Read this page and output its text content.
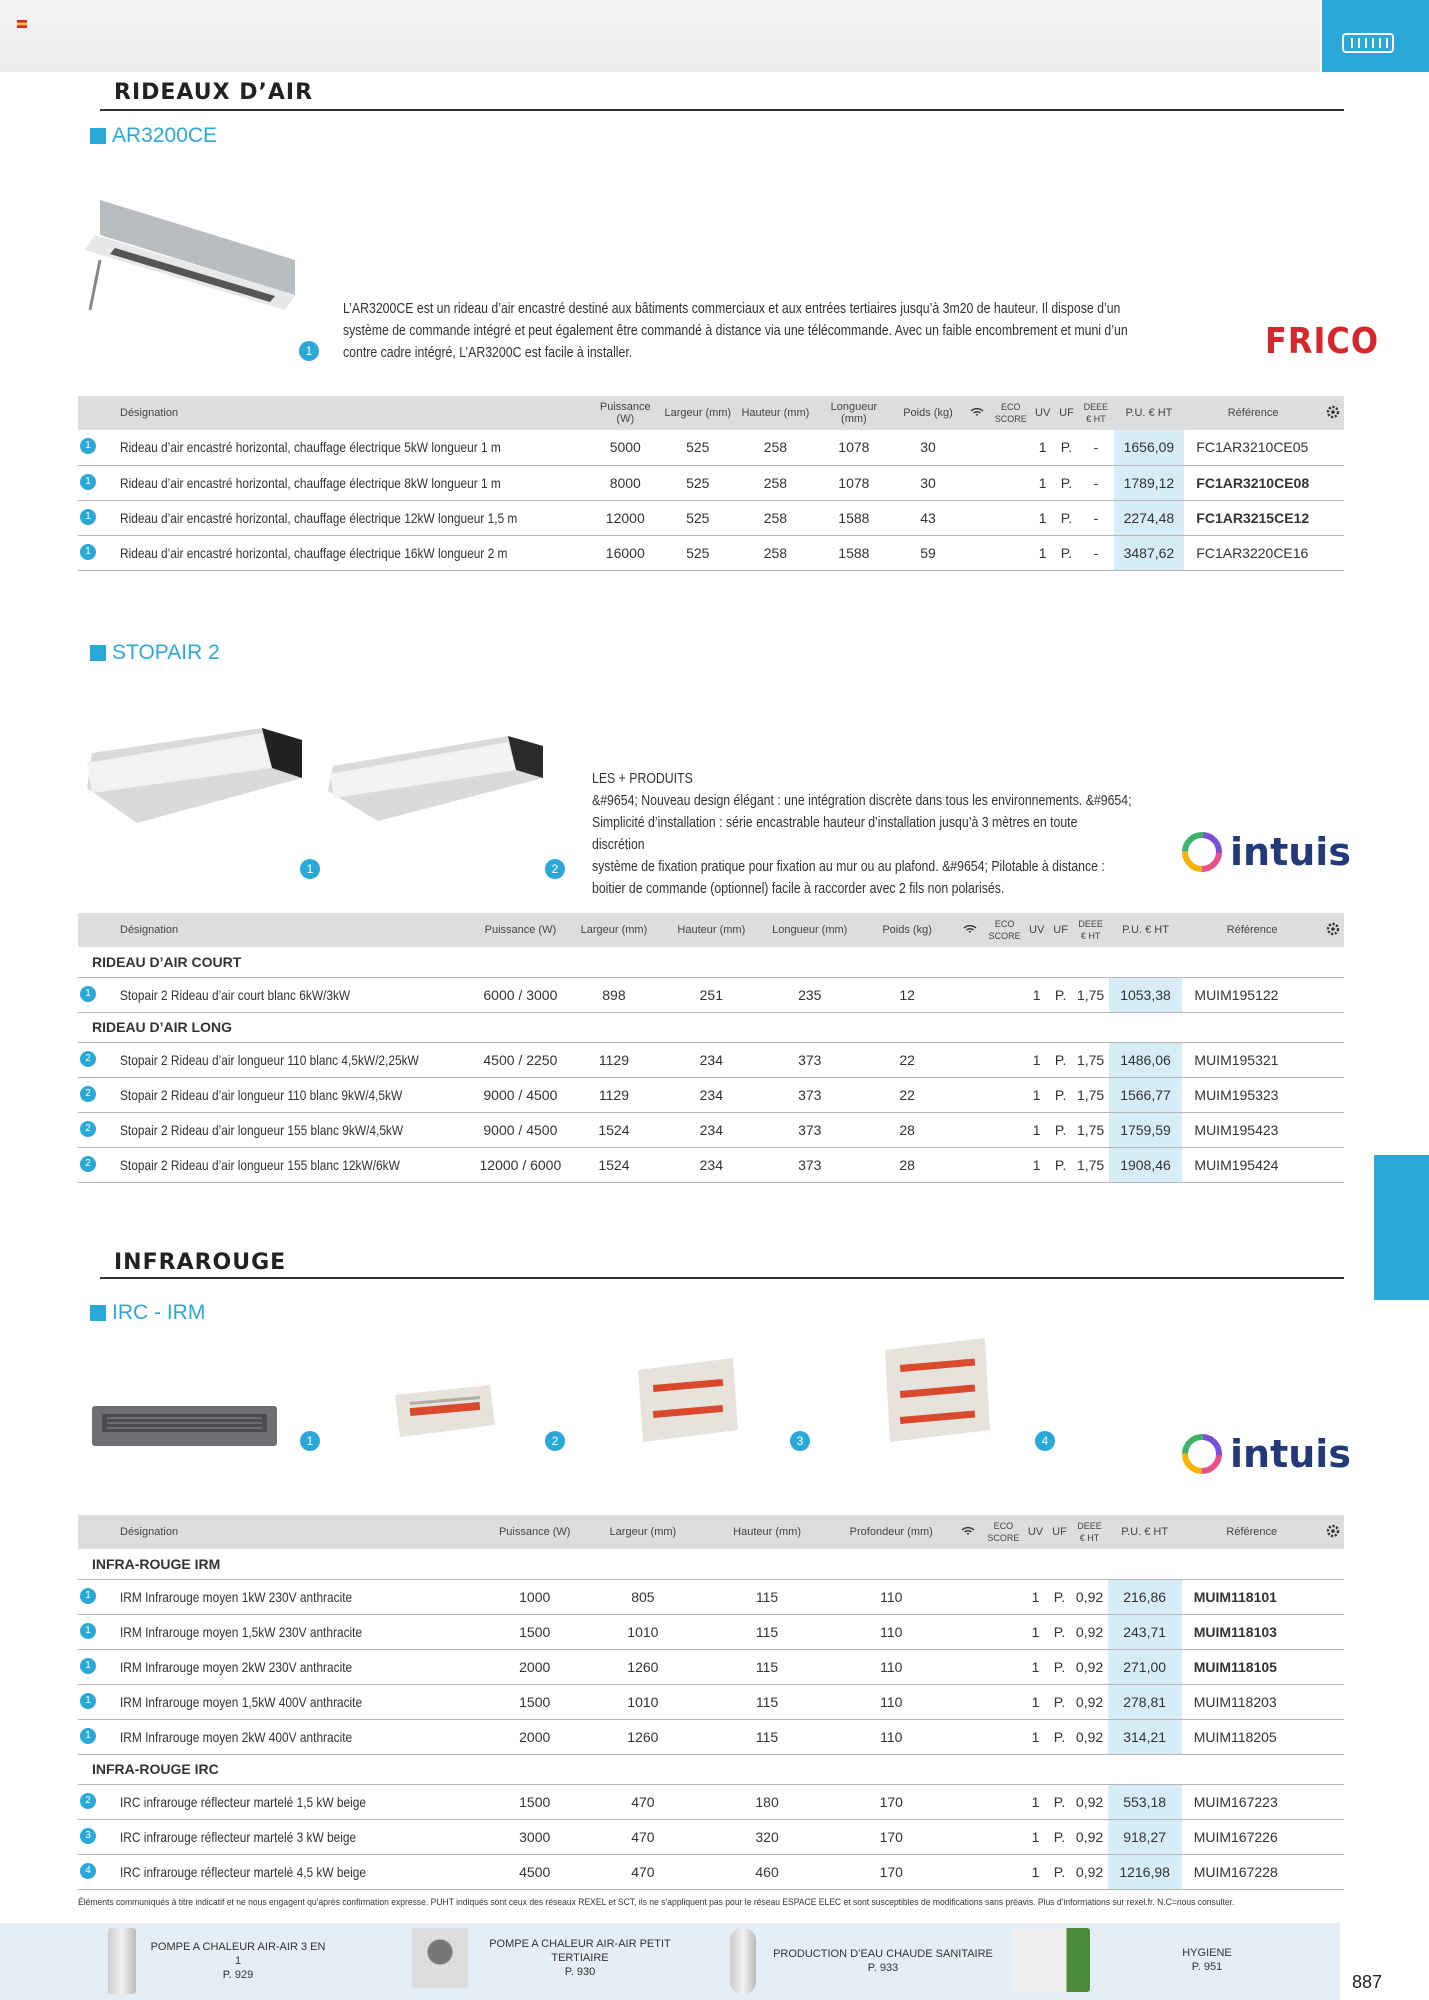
RIDEAUX D’AIR
AR3200CE
1
L’AR3200CE est un rideau d’air encastré destiné aux bâtiments commerciaux et aux entrées tertiaires jusqu’à 3m20 de hauteur. Il dispose d’un
système de commande intégré et peut également être commandé à distance via une télécommande. Avec un faible encombrement et muni d’un
contre cadre intégré, L’AR3200C est facile à installer.	FRICO
Désignation	Puissance (W)	Largeur (mm)	Hauteur (mm)	Longueur (mm)	Poids (kg)		ECO
SCORE	UV	UF	DEEE
€ HT	P.U. € HT	Référence	

1 Rideau d’air encastré horizontal, chauffage électrique 5kW longueur 1 m	5000	525	258	1078	30			1	P.	-	1656,09	FC1AR3210CE05	

1 Rideau d’air encastré horizontal, chauffage électrique 8kW longueur 1 m	8000	525	258	1078	30			1	P.	-	1789,12	FC1AR3210CE08	

1 Rideau d’air encastré horizontal, chauffage électrique 12kW longueur 1,5 m	12000	525	258	1588	43			1	P.	-	2274,48	FC1AR3215CE12	

1 Rideau d’air encastré horizontal, chauffage électrique 16kW longueur 2 m	16000	525	258	1588	59			1	P.	-	3487,62	FC1AR3220CE16	
STOPAIR 2
1	2
LES + PRODUITS
&#9654; Nouveau design élégant : une intégration discrète dans tous les environnements. &#9654;
Simplicité d’installation : série encastrable hauteur d’installation jusqu’à 3 mètres en toute discrétion
système de fixation pratique pour fixation au mur ou au plafond. &#9654; Pilotable à distance :
boitier de commande (optionnel) facile à raccorder avec 2 fils non polarisés.
intuis
Désignation	Puissance (W)	Largeur (mm)	Hauteur (mm)	Longueur (mm)	Poids (kg)		ECO
SCORE	UV	UF	DEEE
€ HT	P.U. € HT	Référence	
RIDEAU D’AIR COURT													

1 Stopair 2 Rideau d’air court blanc 6kW/3kW	6000 / 3000	898	251	235	12			1	P.	1,75	1053,38	MUIM195122	
RIDEAU D’AIR LONG													

2 Stopair 2 Rideau d’air longueur 110 blanc 4,5kW/2,25kW	4500 / 2250	1129	234	373	22			1	P.	1,75	1486,06	MUIM195321	

2 Stopair 2 Rideau d’air longueur 110 blanc 9kW/4,5kW	9000 / 4500	1129	234	373	22			1	P.	1,75	1566,77	MUIM195323	

2 Stopair 2 Rideau d’air longueur 155 blanc 9kW/4,5kW	9000 / 4500	1524	234	373	28			1	P.	1,75	1759,59	MUIM195423	

2 Stopair 2 Rideau d’air longueur 155 blanc 12kW/6kW	12000 / 6000	1524	234	373	28			1	P.	1,75	1908,46	MUIM195424	
INFRAROUGE
IRC - IRM
1	2	3	4	intuis
Désignation	Puissance (W)	Largeur (mm)	Hauteur (mm)	Profondeur (mm)		ECO
SCORE	UV	UF	DEEE
€ HT	P.U. € HT	Référence	
INFRA-ROUGE IRM												

1 IRM Infrarouge moyen 1kW 230V anthracite	1000	805	115	110			1	P.	0,92	216,86	MUIM118101	

1 IRM Infrarouge moyen 1,5kW 230V anthracite	1500	1010	115	110			1	P.	0,92	243,71	MUIM118103	

1 IRM Infrarouge moyen 2kW 230V anthracite	2000	1260	115	110			1	P.	0,92	271,00	MUIM118105	

1 IRM Infrarouge moyen 1,5kW 400V anthracite	1500	1010	115	110			1	P.	0,92	278,81	MUIM118203	

1 IRM Infrarouge moyen 2kW 400V anthracite	2000	1260	115	110			1	P.	0,92	314,21	MUIM118205	
INFRA-ROUGE IRC												

2 IRC infrarouge réflecteur martelé 1,5 kW beige	1500	470	180	170			1	P.	0,92	553,18	MUIM167223	

3 IRC infrarouge réflecteur martelé 3 kW beige	3000	470	320	170			1	P.	0,92	918,27	MUIM167226	

4 IRC infrarouge réflecteur martelé 4,5 kW beige	4500	470	460	170			1	P.	0,92	1216,98	MUIM167228	
Éléments communiqués à titre indicatif et ne nous engagent qu’après confirmation expresse. PUHT indiqués sont ceux des réseaux REXEL et SCT, ils ne s’appliquent pas pour le réseau ESPACE ELEC et sont susceptibles de modifications sans préavis. Plus d’informations sur rexel.fr. N.C=nous consulter.
POMPE A CHALEUR AIR-AIR 3 EN 1
P. 929
POMPE A CHALEUR AIR-AIR PETIT TERTIAIRE
P. 930
PRODUCTION D’EAU CHAUDE SANITAIRE
P. 933
HYGIENE
P. 951
887
